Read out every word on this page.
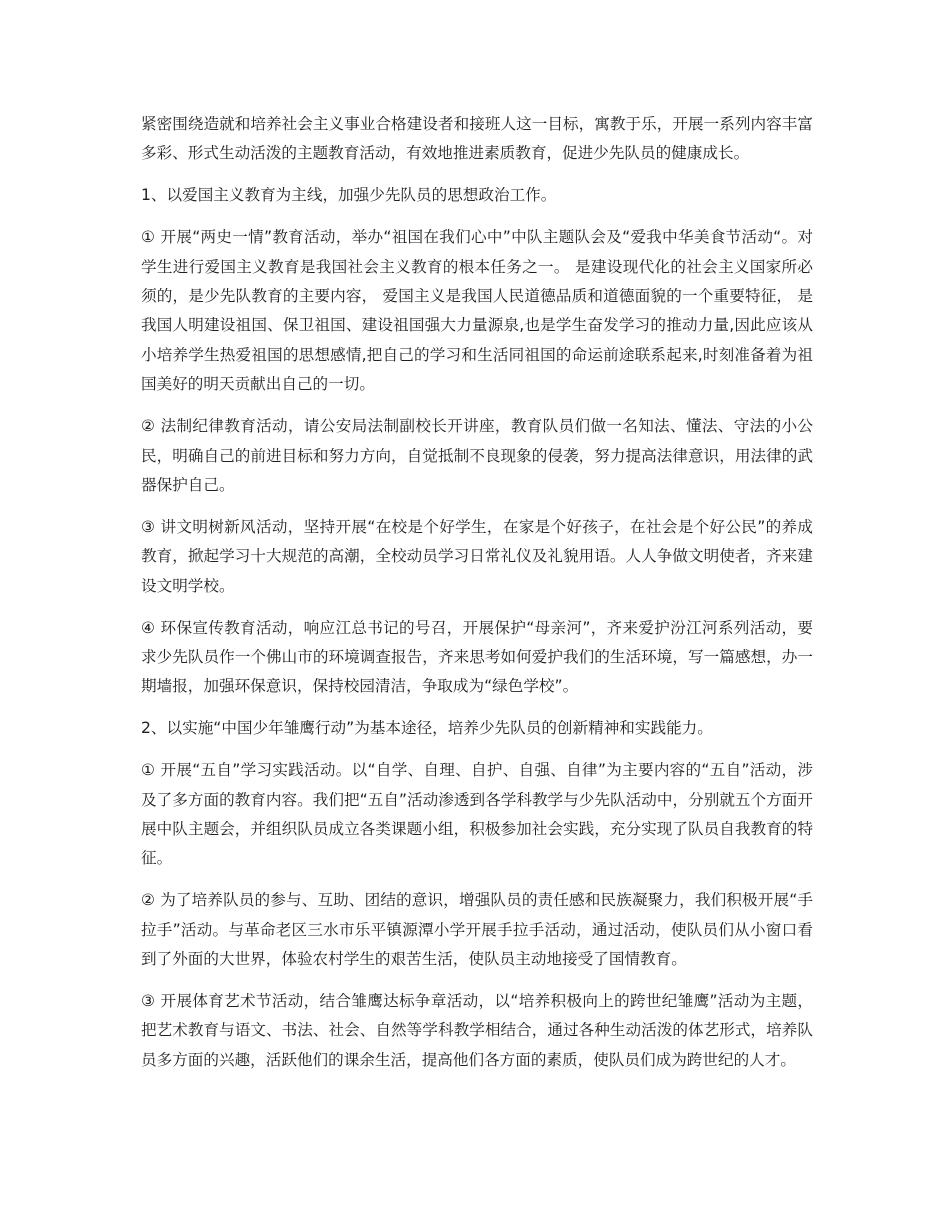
紧密围绕造就和培养社会主义事业合格建设者和接班人这一目标，寓教于乐，开展一系列内容丰富多彩、形式生动活泼的主题教育活动，有效地推进素质教育，促进少先队员的健康成长。

1、以爱国主义教育为主线，加强少先队员的思想政治工作。

① 开展“两史一情”教育活动，举办“祖国在我们心中”中队主题队会及“爱我中华美食节活动“。对学生进行爱国主义教育是我国社会主义教育的根本任务之一。 是建设现代化的社会主义国家所必须的，是少先队教育的主要内容， 爱国主义是我国人民道德品质和道德面貌的一个重要特征， 是我国人明建设祖国、保卫祖国、建设祖国强大力量源泉,也是学生奋发学习的推动力量,因此应该从小培养学生热爱祖国的思想感情,把自己的学习和生活同祖国的命运前途联系起来,时刻准备着为祖国美好的明天贡献出自己的一切。

② 法制纪律教育活动，请公安局法制副校长开讲座，教育队员们做一名知法、懂法、守法的小公民，明确自己的前进目标和努力方向，自觉抵制不良现象的侵袭，努力提高法律意识，用法律的武器保护自己。

③ 讲文明树新风活动，坚持开展“在校是个好学生，在家是个好孩子，在社会是个好公民”的养成教育，掀起学习十大规范的高潮，全校动员学习日常礼仪及礼貌用语。人人争做文明使者，齐来建设文明学校。

④ 环保宣传教育活动，响应江总书记的号召，开展保护“母亲河”，齐来爱护汾江河系列活动，要求少先队员作一个佛山市的环境调查报告，齐来思考如何爱护我们的生活环境，写一篇感想，办一期墙报，加强环保意识，保持校园清洁，争取成为“绿色学校”。

2、以实施“中国少年雏鹰行动”为基本途径，培养少先队员的创新精神和实践能力。

① 开展“五自”学习实践活动。以“自学、自理、自护、自强、自律”为主要内容的“五自”活动，涉及了多方面的教育内容。我们把“五自”活动渗透到各学科教学与少先队活动中，分别就五个方面开展中队主题会，并组织队员成立各类课题小组，积极参加社会实践，充分实现了队员自我教育的特征。

② 为了培养队员的参与、互助、团结的意识，增强队员的责任感和民族凝聚力，我们积极开展“手拉手”活动。与革命老区三水市乐平镇源潭小学开展手拉手活动，通过活动，使队员们从小窗口看到了外面的大世界，体验农村学生的艰苦生活，使队员主动地接受了国情教育。

③ 开展体育艺术节活动，结合雏鹰达标争章活动，以“培养积极向上的跨世纪雏鹰”活动为主题，把艺术教育与语文、书法、社会、自然等学科教学相结合，通过各种生动活泼的体艺形式，培养队员多方面的兴趣，活跃他们的课余生活，提高他们各方面的素质，使队员们成为跨世纪的人才。
